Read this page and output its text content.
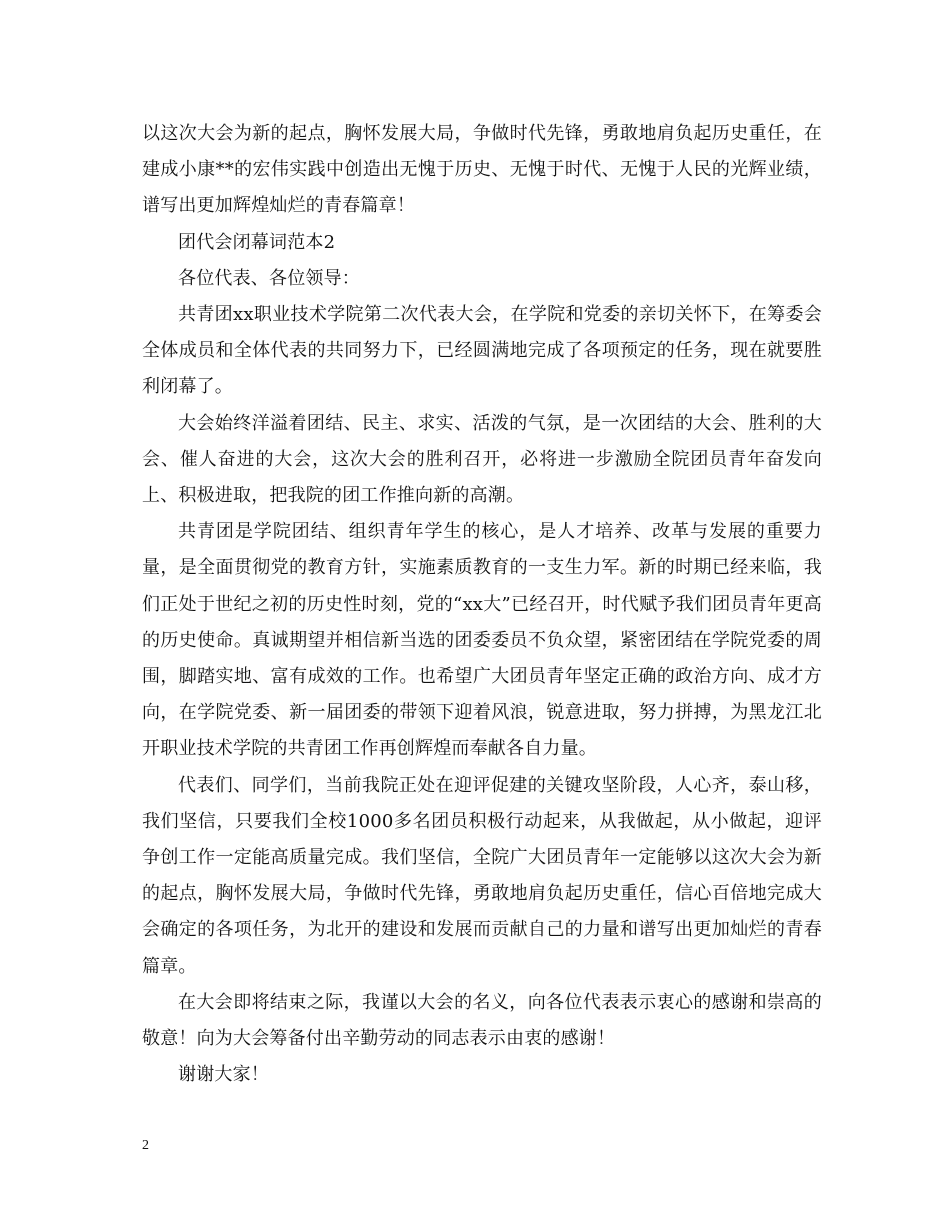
以这次大会为新的起点，胸怀发展大局，争做时代先锋，勇敢地肩负起历史重任，在建成小康**的宏伟实践中创造出无愧于历史、无愧于时代、无愧于人民的光辉业绩，谱写出更加辉煌灿烂的青春篇章！

团代会闭幕词范本2

各位代表、各位领导：

共青团xx职业技术学院第二次代表大会，在学院和党委的亲切关怀下，在筹委会全体成员和全体代表的共同努力下，已经圆满地完成了各项预定的任务，现在就要胜利闭幕了。

大会始终洋溢着团结、民主、求实、活泼的气氛，是一次团结的大会、胜利的大会、催人奋进的大会，这次大会的胜利召开，必将进一步激励全院团员青年奋发向上、积极进取，把我院的团工作推向新的高潮。

共青团是学院团结、组织青年学生的核心，是人才培养、改革与发展的重要力量，是全面贯彻党的教育方针，实施素质教育的一支生力军。新的时期已经来临，我们正处于世纪之初的历史性时刻，党的“xx大”已经召开，时代赋予我们团员青年更高的历史使命。真诚期望并相信新当选的团委委员不负众望，紧密团结在学院党委的周围，脚踏实地、富有成效的工作。也希望广大团员青年坚定正确的政治方向、成才方向，在学院党委、新一届团委的带领下迎着风浪，锐意进取，努力拼搏，为黑龙江北开职业技术学院的共青团工作再创辉煌而奉献各自力量。

代表们、同学们，当前我院正处在迎评促建的关键攻坚阶段，人心齐，泰山移，我们坚信，只要我们全校1000多名团员积极行动起来，从我做起，从小做起，迎评争创工作一定能高质量完成。我们坚信，全院广大团员青年一定能够以这次大会为新的起点，胸怀发展大局，争做时代先锋，勇敢地肩负起历史重任，信心百倍地完成大会确定的各项任务，为北开的建设和发展而贡献自己的力量和谱写出更加灿烂的青春篇章。

在大会即将结束之际，我谨以大会的名义，向各位代表表示衷心的感谢和崇高的敬意！向为大会筹备付出辛勤劳动的同志表示由衷的感谢！

谢谢大家！

2
